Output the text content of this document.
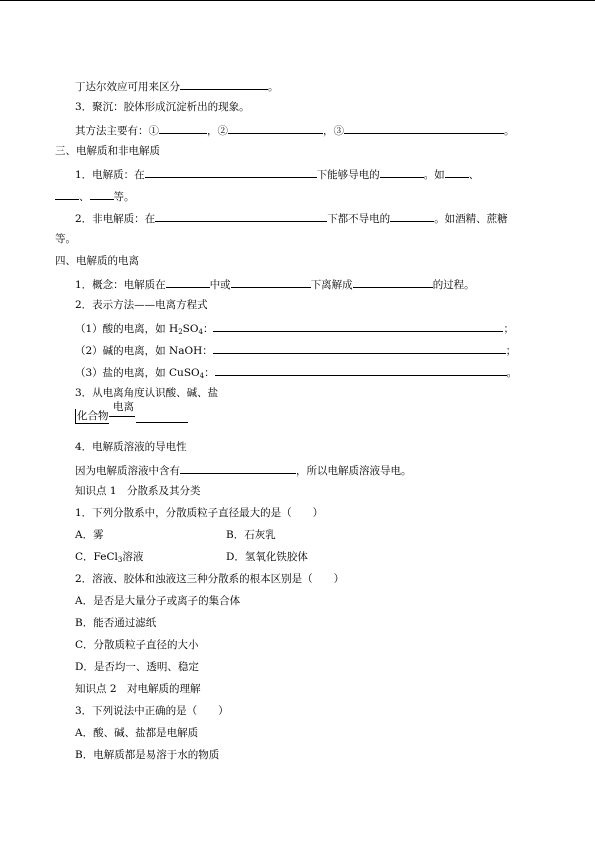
丁达尔效应可用来区分	。
3．聚沉：胶体形成沉淀析出的现象。
其方法主要有：①	，②	，③	。
三、电解质和非电解质
1．电解质：在	下能够导电的	。如 、
、 等。
2．非电解质：在	下都不导电的	。如酒精、蔗糖
等。
四、电解质的电离
1．概念：电解质在	中或	下离解成	的过程。
2．表示方法——电离方程式
（1）酸的电离，如 $H_2SO_4$：	；
（2）碱的电离，如 NaOH：	；
（3）盐的电离，如 CuSO$_4$：	。
3．从电离角度认识酸、碱、盐
化合物
电离
4．电解质溶液的导电性
因为电解质溶液中含有	，所以电解质溶液导电。
知识点 1　分散系及其分类
1．下列分散系中，分散质粒子直径最大的是（　　）
A．雾	B．石灰乳
C．FeCl$_3$溶液	D．氢氧化铁胶体
2．溶液、胶体和浊液这三种分散系的根本区别是（　　）
A．是否是大量分子或离子的集合体
B．能否通过滤纸
C．分散质粒子直径的大小
D．是否均一、透明、稳定
知识点 2　对电解质的理解
3．下列说法中正确的是（　　）
A．酸、碱、盐都是电解质
B．电解质都是易溶于水的物质
